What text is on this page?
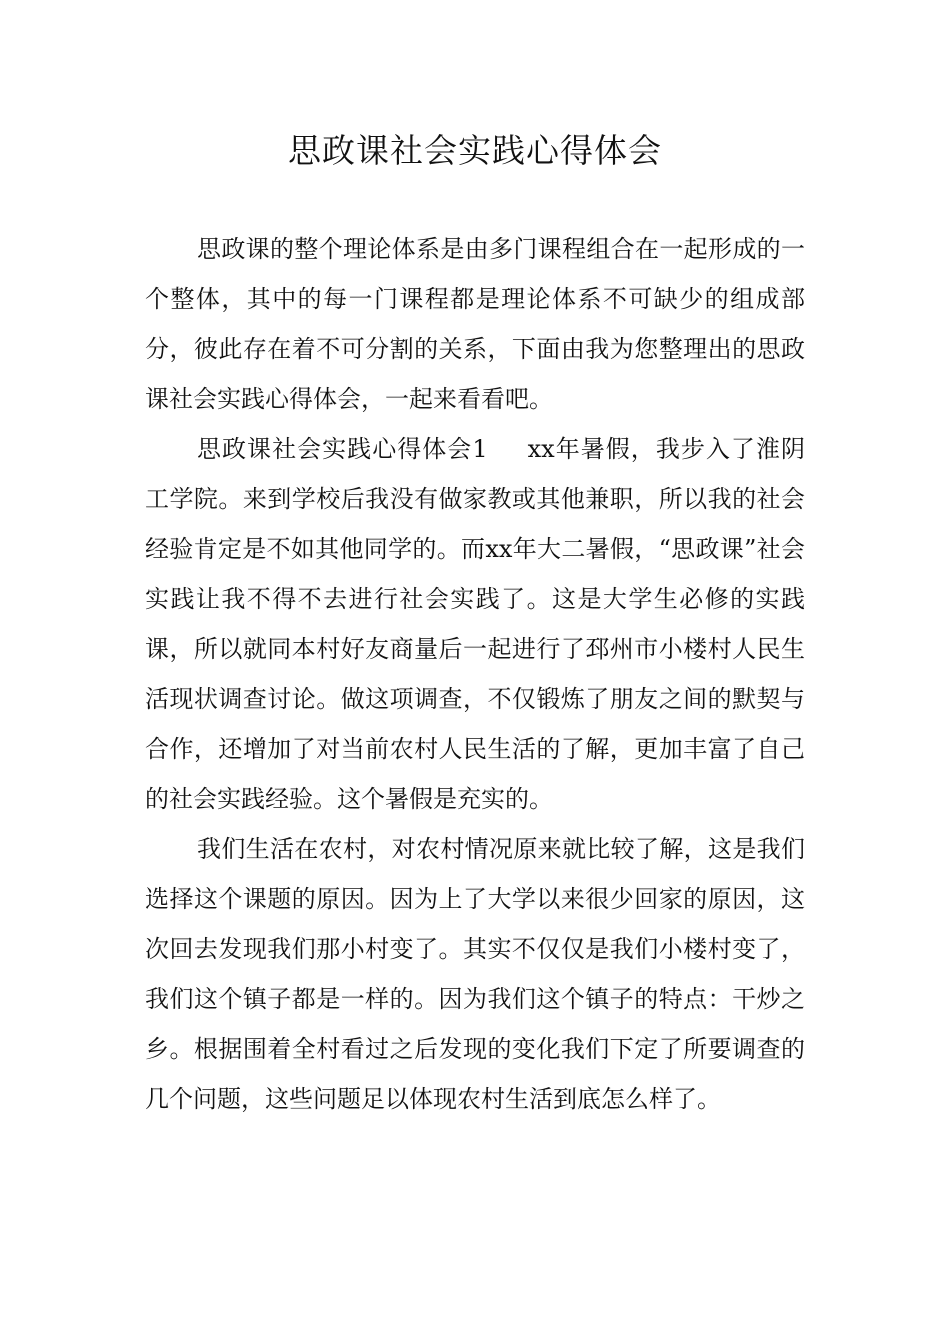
思政课社会实践心得体会

思政课的整个理论体系是由多门课程组合在一起形成的一个整体，其中的每一门课程都是理论体系不可缺少的组成部分，彼此存在着不可分割的关系，下面由我为您整理出的思政课社会实践心得体会，一起来看看吧。

思政课社会实践心得体会1 xx年暑假，我步入了淮阴工学院。来到学校后我没有做家教或其他兼职，所以我的社会经验肯定是不如其他同学的。而xx年大二暑假，“思政课”社会实践让我不得不去进行社会实践了。这是大学生必修的实践课，所以就同本村好友商量后一起进行了邳州市小楼村人民生活现状调查讨论。做这项调查，不仅锻炼了朋友之间的默契与合作，还增加了对当前农村人民生活的了解，更加丰富了自己的社会实践经验。这个暑假是充实的。

我们生活在农村，对农村情况原来就比较了解，这是我们选择这个课题的原因。因为上了大学以来很少回家的原因，这次回去发现我们那小村变了。其实不仅仅是我们小楼村变了，我们这个镇子都是一样的。因为我们这个镇子的特点：干炒之乡。根据围着全村看过之后发现的变化我们下定了所要调查的几个问题，这些问题足以体现农村生活到底怎么样了。
